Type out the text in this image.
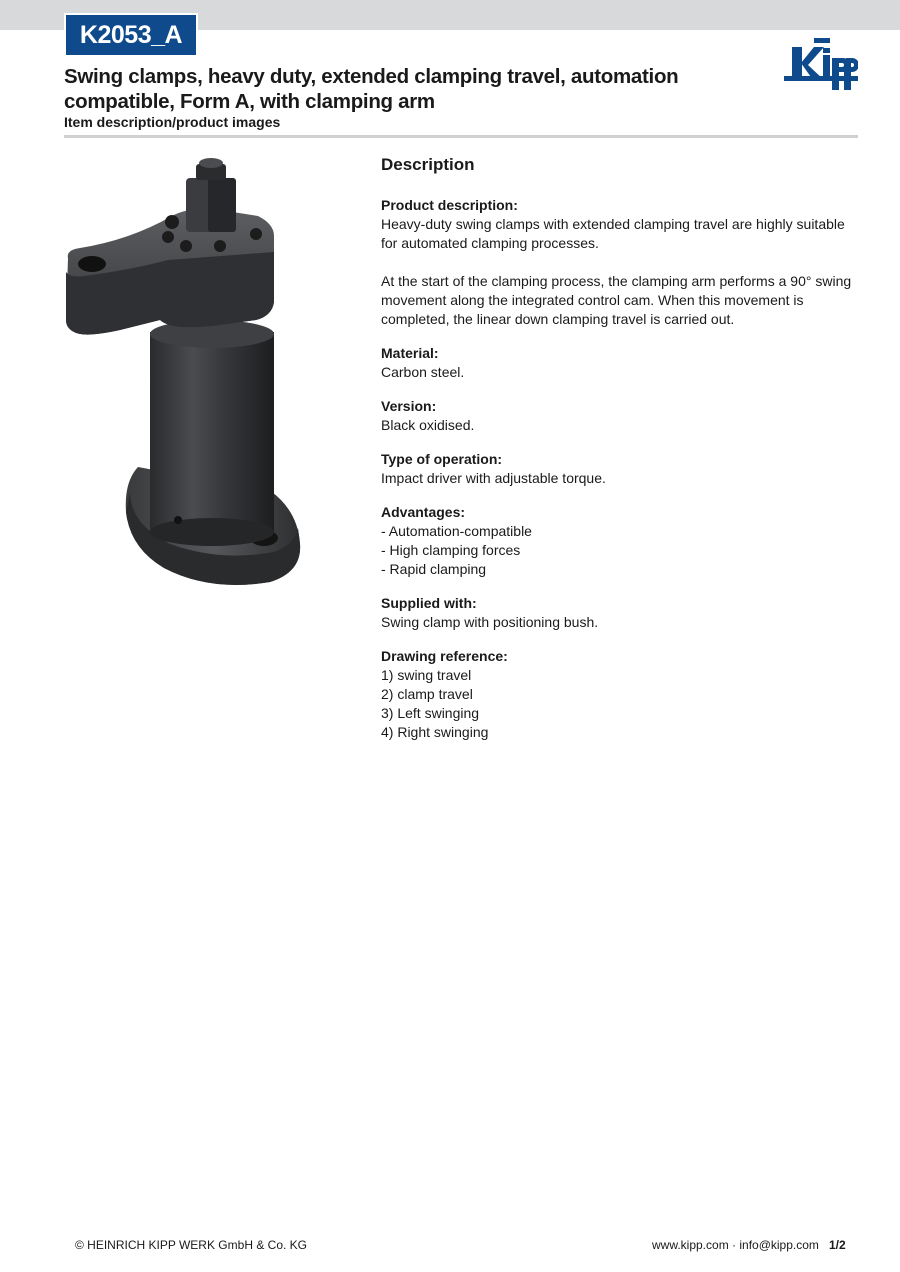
K2053_A
Swing clamps, heavy duty, extended clamping travel, automation compatible, Form A, with clamping arm
Item description/product images
Description
Product description:
Heavy-duty swing clamps with extended clamping travel are highly suitable for automated clamping processes.
At the start of the clamping process, the clamping arm performs a 90° swing movement along the integrated control cam. When this movement is completed, the linear down clamping travel is carried out.
Material:
Carbon steel.
Version:
Black oxidised.
Type of operation:
Impact driver with adjustable torque.
Advantages:
- Automation-compatible
- High clamping forces
- Rapid clamping
Supplied with:
Swing clamp with positioning bush.
Drawing reference:
1) swing travel
2) clamp travel
3) Left swinging
4) Right swinging
© HEINRICH KIPP WERK GmbH & Co. KG	www.kipp.com · info@kipp.com 1/2
